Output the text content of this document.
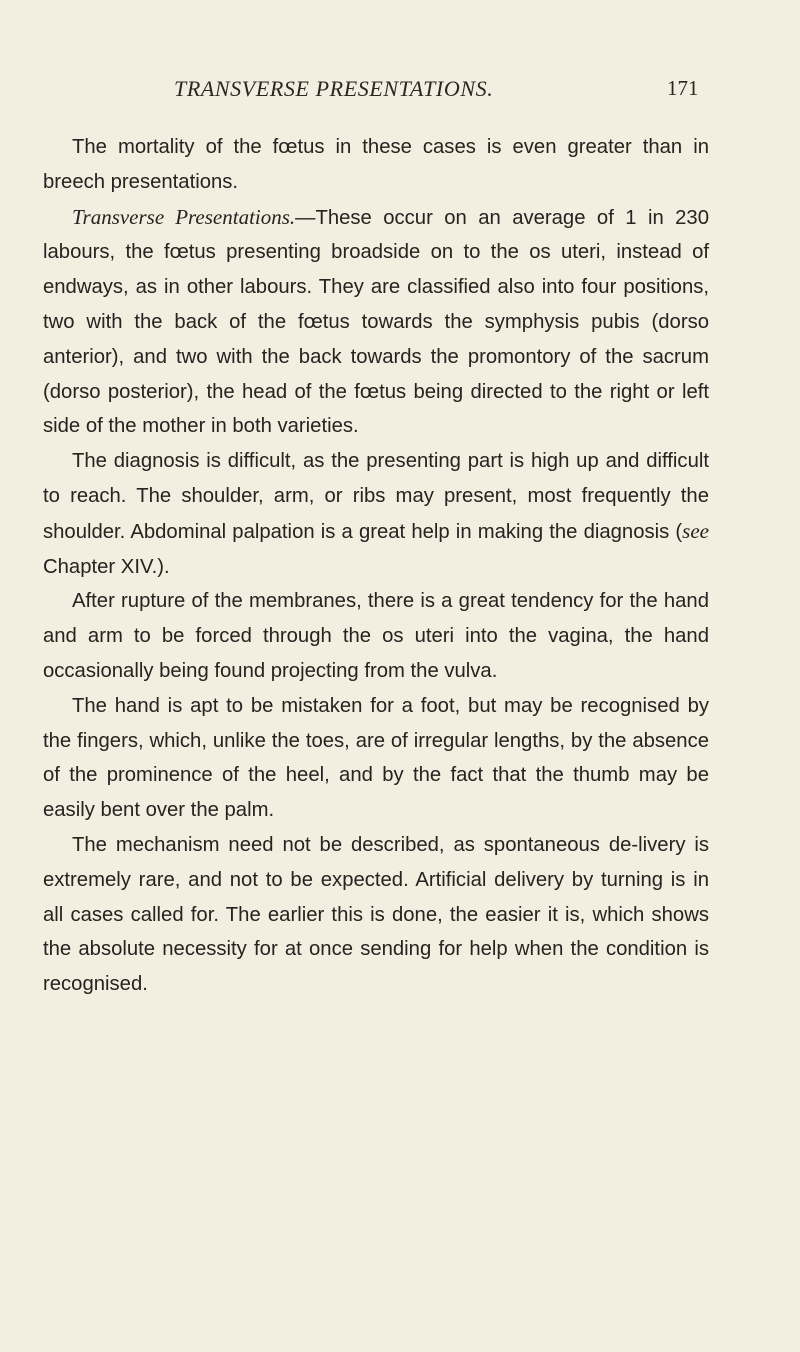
TRANSVERSE PRESENTATIONS.	171

The mortality of the fœtus in these cases is even greater than in breech presentations.

Transverse Presentations.—These occur on an average of 1 in 230 labours, the fœtus presenting broadside on to the os uteri, instead of endways, as in other labours. They are classified also into four positions, two with the back of the fœtus towards the symphysis pubis (dorso anterior), and two with the back towards the promontory of the sacrum (dorso posterior), the head of the fœtus being directed to the right or left side of the mother in both varieties.

The diagnosis is difficult, as the presenting part is high up and difficult to reach. The shoulder, arm, or ribs may present, most frequently the shoulder. Abdominal palpation is a great help in making the diagnosis (see Chapter XIV.).

After rupture of the membranes, there is a great tendency for the hand and arm to be forced through the os uteri into the vagina, the hand occasionally being found projecting from the vulva.

The hand is apt to be mistaken for a foot, but may be recognised by the fingers, which, unlike the toes, are of irregular lengths, by the absence of the prominence of the heel, and by the fact that the thumb may be easily bent over the palm.

The mechanism need not be described, as spontaneous de-livery is extremely rare, and not to be expected. Artificial delivery by turning is in all cases called for. The earlier this is done, the easier it is, which shows the absolute necessity for at once sending for help when the condition is recognised.
